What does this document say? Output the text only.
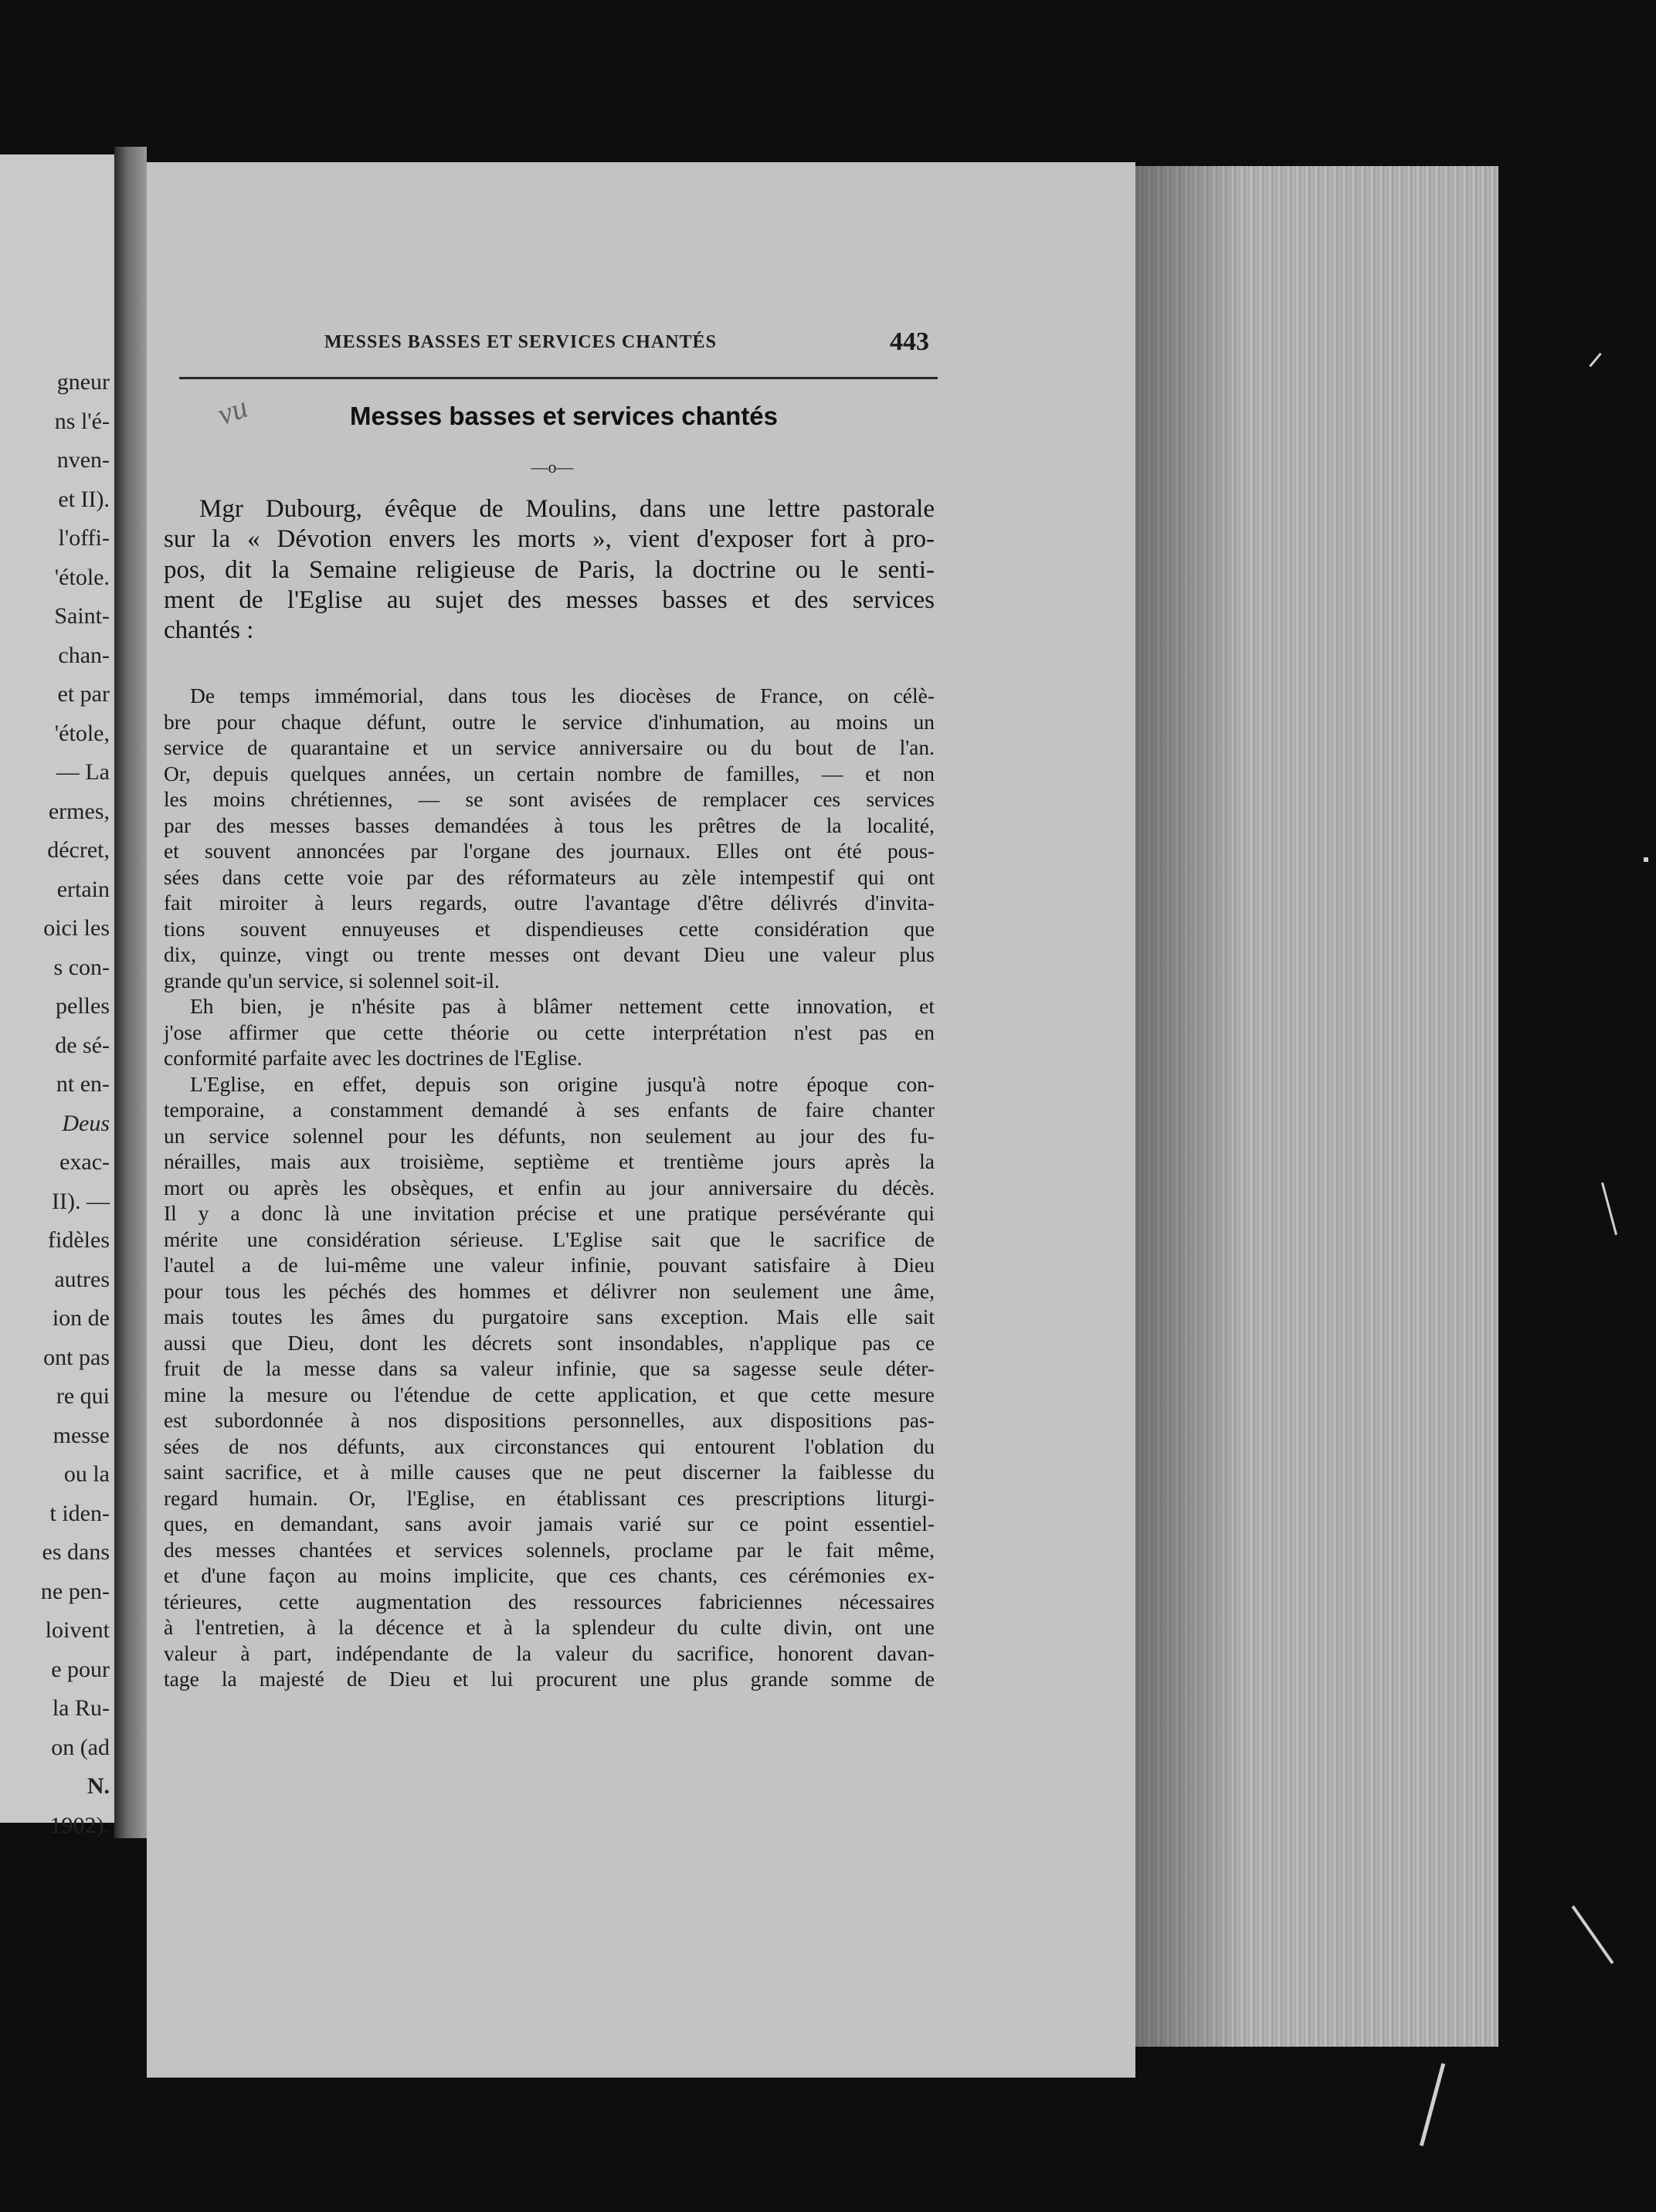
gneur
ns l'é-
nven-
et II).
l'offi-
'étole.
Saint-
chan-
et par
'étole,
— La
ermes,
décret,
ertain
oici les
s con-
pelles
de sé-
nt en-
Deus
exac-
II). —
fidèles
autres
ion de
ont pas
re qui
messe
ou la
t iden-
es dans
ne pen-
loivent
e pour
la Ru-
on (ad
N.
1902).
MESSES BASSES ET SERVICES CHANTÉS	443
vu	Messes basses et services chantés
—o—
Mgr Dubourg, évêque de Moulins, dans une lettre pastorale
sur la « Dévotion envers les morts », vient d'exposer fort à pro-
pos, dit la Semaine religieuse de Paris, la doctrine ou le senti-
ment de l'Eglise au sujet des messes basses et des services
chantés :
De temps immémorial, dans tous les diocèses de France, on célè-
bre pour chaque défunt, outre le service d'inhumation, au moins un
service de quarantaine et un service anniversaire ou du bout de l'an.
Or, depuis quelques années, un certain nombre de familles, — et non
les moins chrétiennes, — se sont avisées de remplacer ces services
par des messes basses demandées à tous les prêtres de la localité,
et souvent annoncées par l'organe des journaux. Elles ont été pous-
sées dans cette voie par des réformateurs au zèle intempestif qui ont
fait miroiter à leurs regards, outre l'avantage d'être délivrés d'invita-
tions souvent ennuyeuses et dispendieuses cette considération que
dix, quinze, vingt ou trente messes ont devant Dieu une valeur plus
grande qu'un service, si solennel soit-il.
Eh bien, je n'hésite pas à blâmer nettement cette innovation, et
j'ose affirmer que cette théorie ou cette interprétation n'est pas en
conformité parfaite avec les doctrines de l'Eglise.
L'Eglise, en effet, depuis son origine jusqu'à notre époque con-
temporaine, a constamment demandé à ses enfants de faire chanter
un service solennel pour les défunts, non seulement au jour des fu-
nérailles, mais aux troisième, septième et trentième jours après la
mort ou après les obsèques, et enfin au jour anniversaire du décès.
Il y a donc là une invitation précise et une pratique persévérante qui
mérite une considération sérieuse. L'Eglise sait que le sacrifice de
l'autel a de lui-même une valeur infinie, pouvant satisfaire à Dieu
pour tous les péchés des hommes et délivrer non seulement une âme,
mais toutes les âmes du purgatoire sans exception. Mais elle sait
aussi que Dieu, dont les décrets sont insondables, n'applique pas ce
fruit de la messe dans sa valeur infinie, que sa sagesse seule déter-
mine la mesure ou l'étendue de cette application, et que cette mesure
est subordonnée à nos dispositions personnelles, aux dispositions pas-
sées de nos défunts, aux circonstances qui entourent l'oblation du
saint sacrifice, et à mille causes que ne peut discerner la faiblesse du
regard humain. Or, l'Eglise, en établissant ces prescriptions liturgi-
ques, en demandant, sans avoir jamais varié sur ce point essentiel-
des messes chantées et services solennels, proclame par le fait même,
et d'une façon au moins implicite, que ces chants, ces cérémonies ex-
térieures, cette augmentation des ressources fabriciennes nécessaires
à l'entretien, à la décence et à la splendeur du culte divin, ont une
valeur à part, indépendante de la valeur du sacrifice, honorent davan-
tage la majesté de Dieu et lui procurent une plus grande somme de
